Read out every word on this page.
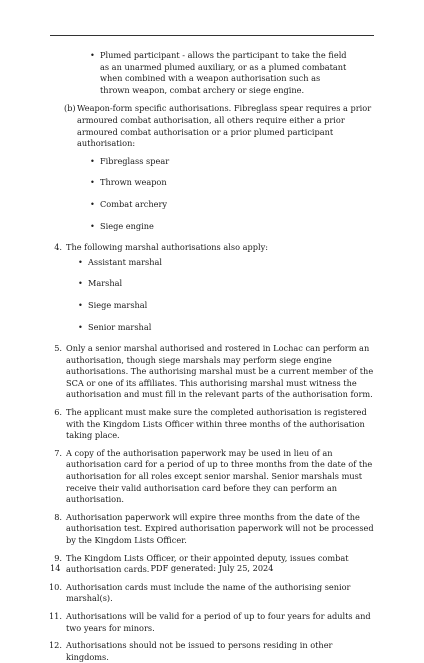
• Plumed participant - allows the participant to take the field as an unarmed plumed auxiliary, or as a plumed combatant when combined with a weapon authorisation such as thrown weapon, combat archery or siege engine.

(b) Weapon-form specific authorisations. Fibreglass spear requires a prior armoured combat authorisation, all others require either a prior armoured combat authorisation or a prior plumed participant authorisation:

• Fibreglass spear
• Thrown weapon
• Combat archery
• Siege engine
4. The following marshal authorisations also apply:

• Assistant marshal
• Marshal
• Siege marshal
• Senior marshal
5. Only a senior marshal authorised and rostered in Lochac can perform an authorisation, though siege marshals may perform siege engine authorisations. The authorising marshal must be a current member of the SCA or one of its affiliates. This authorising marshal must witness the authorisation and must fill in the relevant parts of the authorisation form.

6. The applicant must make sure the completed authorisation is registered with the Kingdom Lists Officer within three months of the authorisation taking place.

7. A copy of the authorisation paperwork may be used in lieu of an authorisation card for a period of up to three months from the date of the authorisation for all roles except senior marshal. Senior marshals must receive their valid authorisation card before they can perform an authorisation.

8. Authorisation paperwork will expire three months from the date of the authorisation test. Expired authorisation paperwork will not be processed by the Kingdom Lists Officer.

9. The Kingdom Lists Officer, or their appointed deputy, issues combat authorisation cards.

10. Authorisation cards must include the name of the authorising senior marshal(s).

11. Authorisations will be valid for a period of up to four years for adults and two years for minors.

12. Authorisations should not be issued to persons residing in other kingdoms.

14	PDF generated: July 25, 2024
